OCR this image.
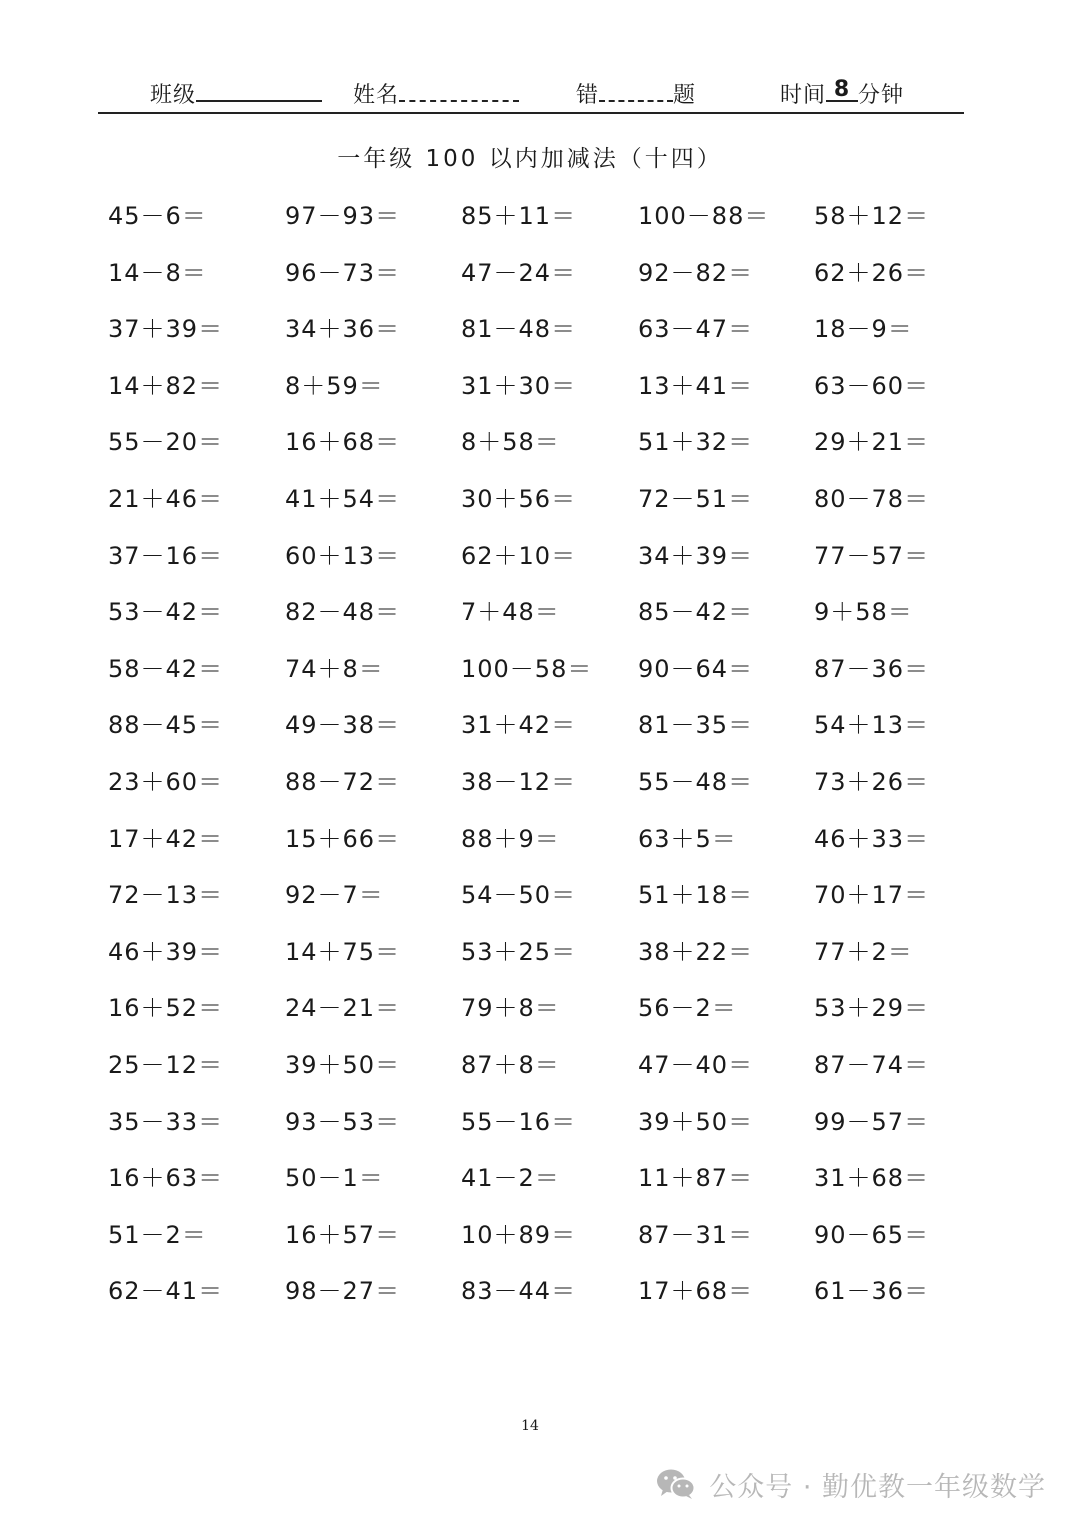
班级	姓名	错	题	时间 8 分钟
一年级 100 以内加减法（十四）
45－6＝	97－93＝	85＋11＝	100－88＝ 58＋12＝
14－8＝	96－73＝	47－24＝	92－82＝	62＋26＝
37＋39＝	34＋36＝	81－48＝	63－47＝	18－9＝
14＋82＝	8＋59＝	31＋30＝	13＋41＝	63－60＝
55－20＝	16＋68＝	8＋58＝	51＋32＝	29＋21＝
21＋46＝	41＋54＝	30＋56＝	72－51＝	80－78＝
37－16＝	60＋13＝	62＋10＝	34＋39＝	77－57＝
53－42＝	82－48＝	7＋48＝	85－42＝	9＋58＝
58－42＝	74＋8＝	100－58＝ 90－64＝	87－36＝
88－45＝	49－38＝	31＋42＝	81－35＝	54＋13＝
23＋60＝	88－72＝	38－12＝	55－48＝	73＋26＝
17＋42＝	15＋66＝	88＋9＝	63＋5＝	46＋33＝
72－13＝	92－7＝	54－50＝	51＋18＝	70＋17＝
46＋39＝	14＋75＝	53＋25＝	38＋22＝	77＋2＝
16＋52＝	24－21＝	79＋8＝	56－2＝	53＋29＝
25－12＝	39＋50＝	87＋8＝	47－40＝	87－74＝
35－33＝	93－53＝	55－16＝	39＋50＝	99－57＝
16＋63＝	50－1＝	41－2＝	11＋87＝	31＋68＝
51－2＝	16＋57＝	10＋89＝	87－31＝	90－65＝
62－41＝	98－27＝	83－44＝	17＋68＝	61－36＝
14
公众号 · 勤优教一年级数学
